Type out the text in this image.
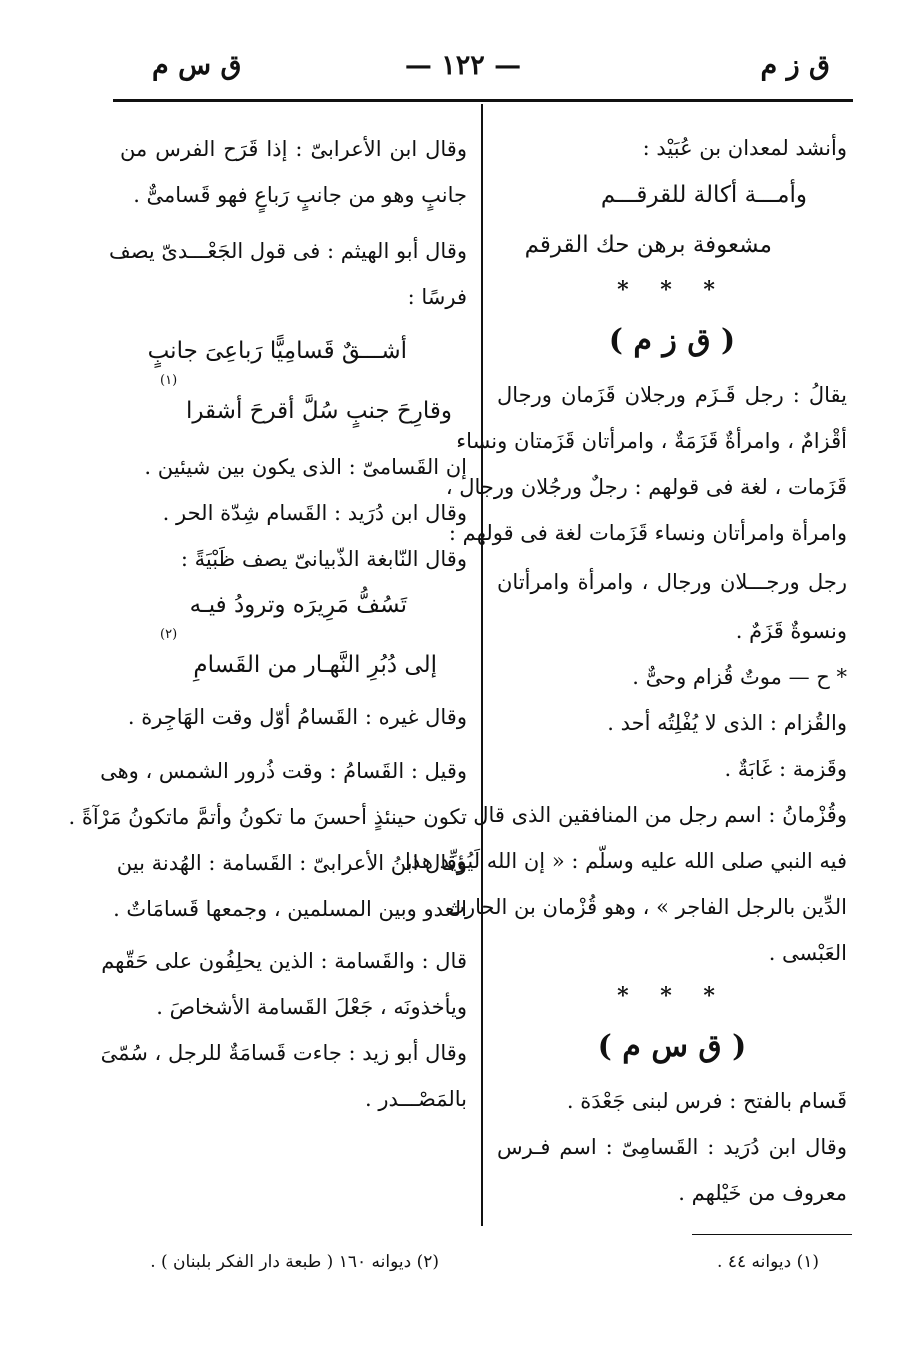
ق ز م
— ١٢٢ —
ق س م
وأنشد لمعدان بن عُبَيْد :
وأمـــة أكالة للقرقـــم
مشعوفة برهن حك القرقم
* * *
( ق ز م )
يقالُ : رجل قَـزَم ورجلان قَزَمان ورجال
أقْزامٌ ، وامرأةٌ قَزَمَةٌ ، وامرأتان قَزَمتان ونساء
قَزَمات ، لغة فى قولهم : رجلٌ ورجُلان ورجال ،
وامرأة وامرأتان ونساء قَزَمات لغة فى قولهم :
رجل ورجـــلان ورجال ، وامرأة وامرأتان
ونسوةٌ قَزَمٌ .
* ح — موتٌ قُزام وحىٌّ .
والقُزام : الذى لا يُفْلِتُه أحد .
وقَزمة : غَابَةٌ .
وقُزْمانُ : اسم رجل من المنافقين الذى قال
فيه النبي صلى الله عليه وسلّم : « إن الله لَيُؤيِّد هذا
الدِّين بالرجل الفاجر » ، وهو قُزْمان بن الحارث
العَبْسى .
* * *
( ق س م )
قَسام بالفتح : فرس لبنى جَعْدَة .
وقال ابن دُرَيد : القَسامِىّ : اسم فـرس
معروف من خَيْلهم .
وقال ابن الأعرابىّ : إذا قَرَح الفرس من
جانبٍ وهو من جانبٍ رَباعٍ فهو قَسامىٌّ .
وقال أبو الهيثم : فى قول الجَعْـــدىّ يصف
فرسًا :
أشـــقٌ قَسامِيًّا رَباعِىَ جانبٍ
(١)
وقارِحَ جنبٍ سُلَّ أقرحَ أشقرا
إن القَسامىّ : الذى يكون بين شيئين .
وقال ابن دُرَيد : القَسام شِدّة الحر .
وقال النّابغة الذّبيانىّ يصف ظَبْيَةً :
تَسُفُّ مَرِيرَه وترودُ فيـه
(٢)
إلى دُبُرِ النَّهـار من القَسامِ
وقال غيره : القَسامُ أوّل وقت الهَاجِرة .
وقيل : القَسامُ : وقت ذُرور الشمس ، وهى
تكون حينئذٍ أحسنَ ما تكونُ وأتمَّ ماتكونُ مَرْآةً .
وقال ابنُ الأعرابىّ : القَسامة : الهُدنة بين
العدو وبين المسلمين ، وجمعها قَسامَاتٌ .
قال : والقَسامة : الذين يحلِفُون على حَقّهم
ويأخذونَه ، جَعْلَ القَسامة الأشخاصَ .
وقال أبو زيد : جاءت قَسامَةٌ للرجل ، سُمّىَ
بالمَصْـــدر .
(١) ديوانه ٤٤ .
(٢) ديوانه ١٦٠ ( طبعة دار الفكر بلبنان ) .
